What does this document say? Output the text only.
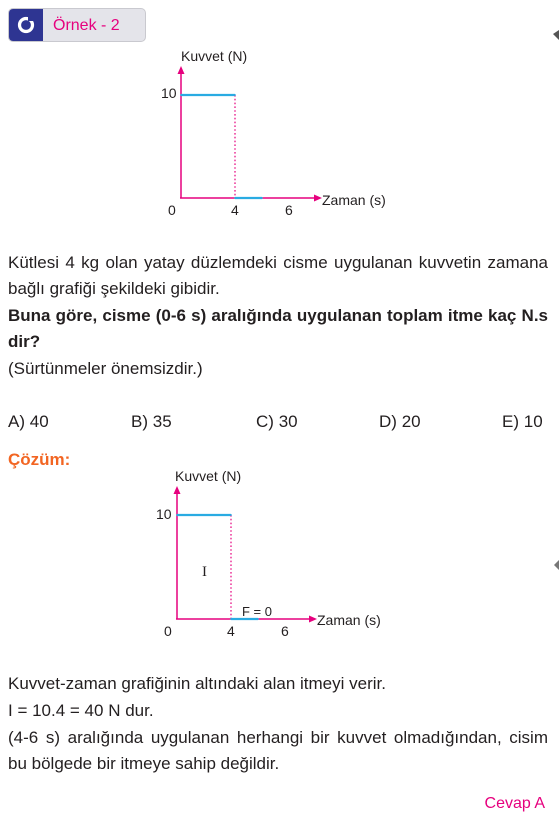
Örnek - 2
Kuvvet (N)
Zaman (s)
10
0	4	6

Kütlesi 4 kg olan yatay düzlemdeki cisme uygulanan kuvvetin zamana bağlı grafiği şekildeki gibidir.

Buna göre, cisme (0-6 s) aralığında uygulanan toplam itme kaç N.s dir?

(Sürtünmeler önemsizdir.)

A) 40	B) 35	C) 30	D) 20	E) 10
Çözüm:
Kuvvet (N)
Zaman (s)
10
I
F = 0
0	4	6

Kuvvet-zaman grafiğinin altındaki alan itmeyi verir.

I = 10.4 = 40 N dur.

(4-6 s) aralığında uygulanan herhangi bir kuvvet olmadığından, cisim bu bölgede bir itmeye sahip değildir.

Cevap A
